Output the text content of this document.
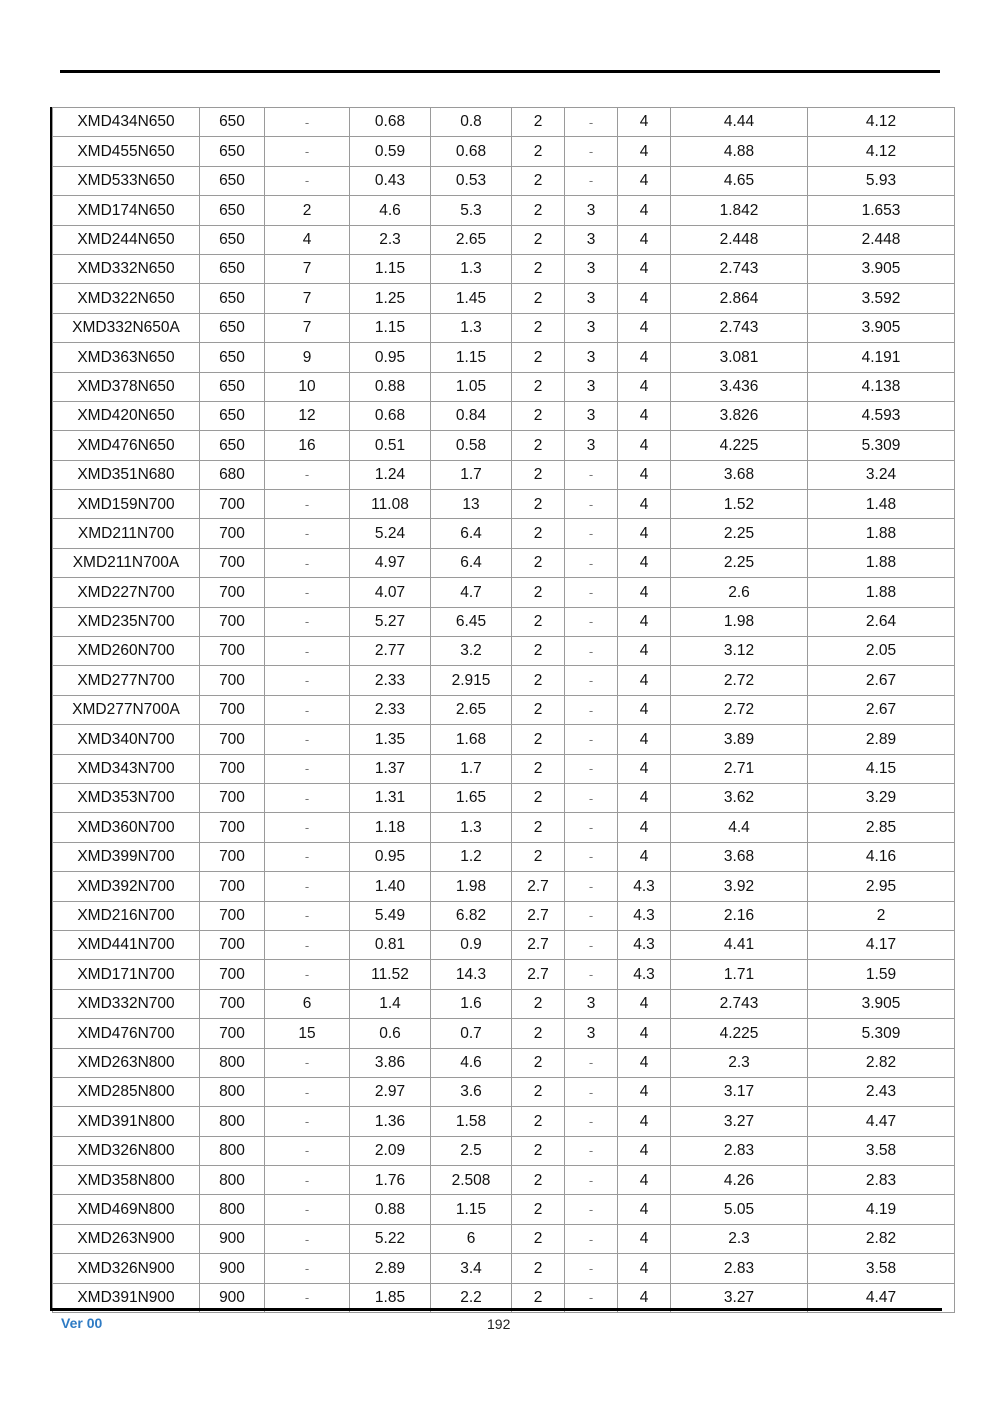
XMD434N650	650	-	0.68	0.8	2	-	4	4.44	4.12
XMD455N650	650	-	0.59	0.68	2	-	4	4.88	4.12
XMD533N650	650	-	0.43	0.53	2	-	4	4.65	5.93
XMD174N650	650	2	4.6	5.3	2	3	4	1.842	1.653
XMD244N650	650	4	2.3	2.65	2	3	4	2.448	2.448
XMD332N650	650	7	1.15	1.3	2	3	4	2.743	3.905
XMD322N650	650	7	1.25	1.45	2	3	4	2.864	3.592
XMD332N650A	650	7	1.15	1.3	2	3	4	2.743	3.905
XMD363N650	650	9	0.95	1.15	2	3	4	3.081	4.191
XMD378N650	650	10	0.88	1.05	2	3	4	3.436	4.138
XMD420N650	650	12	0.68	0.84	2	3	4	3.826	4.593
XMD476N650	650	16	0.51	0.58	2	3	4	4.225	5.309
XMD351N680	680	-	1.24	1.7	2	-	4	3.68	3.24
XMD159N700	700	-	11.08	13	2	-	4	1.52	1.48
XMD211N700	700	-	5.24	6.4	2	-	4	2.25	1.88
XMD211N700A	700	-	4.97	6.4	2	-	4	2.25	1.88
XMD227N700	700	-	4.07	4.7	2	-	4	2.6	1.88
XMD235N700	700	-	5.27	6.45	2	-	4	1.98	2.64
XMD260N700	700	-	2.77	3.2	2	-	4	3.12	2.05
XMD277N700	700	-	2.33	2.915	2	-	4	2.72	2.67
XMD277N700A	700	-	2.33	2.65	2	-	4	2.72	2.67
XMD340N700	700	-	1.35	1.68	2	-	4	3.89	2.89
XMD343N700	700	-	1.37	1.7	2	-	4	2.71	4.15
XMD353N700	700	-	1.31	1.65	2	-	4	3.62	3.29
XMD360N700	700	-	1.18	1.3	2	-	4	4.4	2.85
XMD399N700	700	-	0.95	1.2	2	-	4	3.68	4.16
XMD392N700	700	-	1.40	1.98	2.7	-	4.3	3.92	2.95
XMD216N700	700	-	5.49	6.82	2.7	-	4.3	2.16	2
XMD441N700	700	-	0.81	0.9	2.7	-	4.3	4.41	4.17
XMD171N700	700	-	11.52	14.3	2.7	-	4.3	1.71	1.59
XMD332N700	700	6	1.4	1.6	2	3	4	2.743	3.905
XMD476N700	700	15	0.6	0.7	2	3	4	4.225	5.309
XMD263N800	800	-	3.86	4.6	2	-	4	2.3	2.82
XMD285N800	800	-	2.97	3.6	2	-	4	3.17	2.43
XMD391N800	800	-	1.36	1.58	2	-	4	3.27	4.47
XMD326N800	800	-	2.09	2.5	2	-	4	2.83	3.58
XMD358N800	800	-	1.76	2.508	2	-	4	4.26	2.83
XMD469N800	800	-	0.88	1.15	2	-	4	5.05	4.19
XMD263N900	900	-	5.22	6	2	-	4	2.3	2.82
XMD326N900	900	-	2.89	3.4	2	-	4	2.83	3.58
XMD391N900	900	-	1.85	2.2	2	-	4	3.27	4.47
Ver 00	192
